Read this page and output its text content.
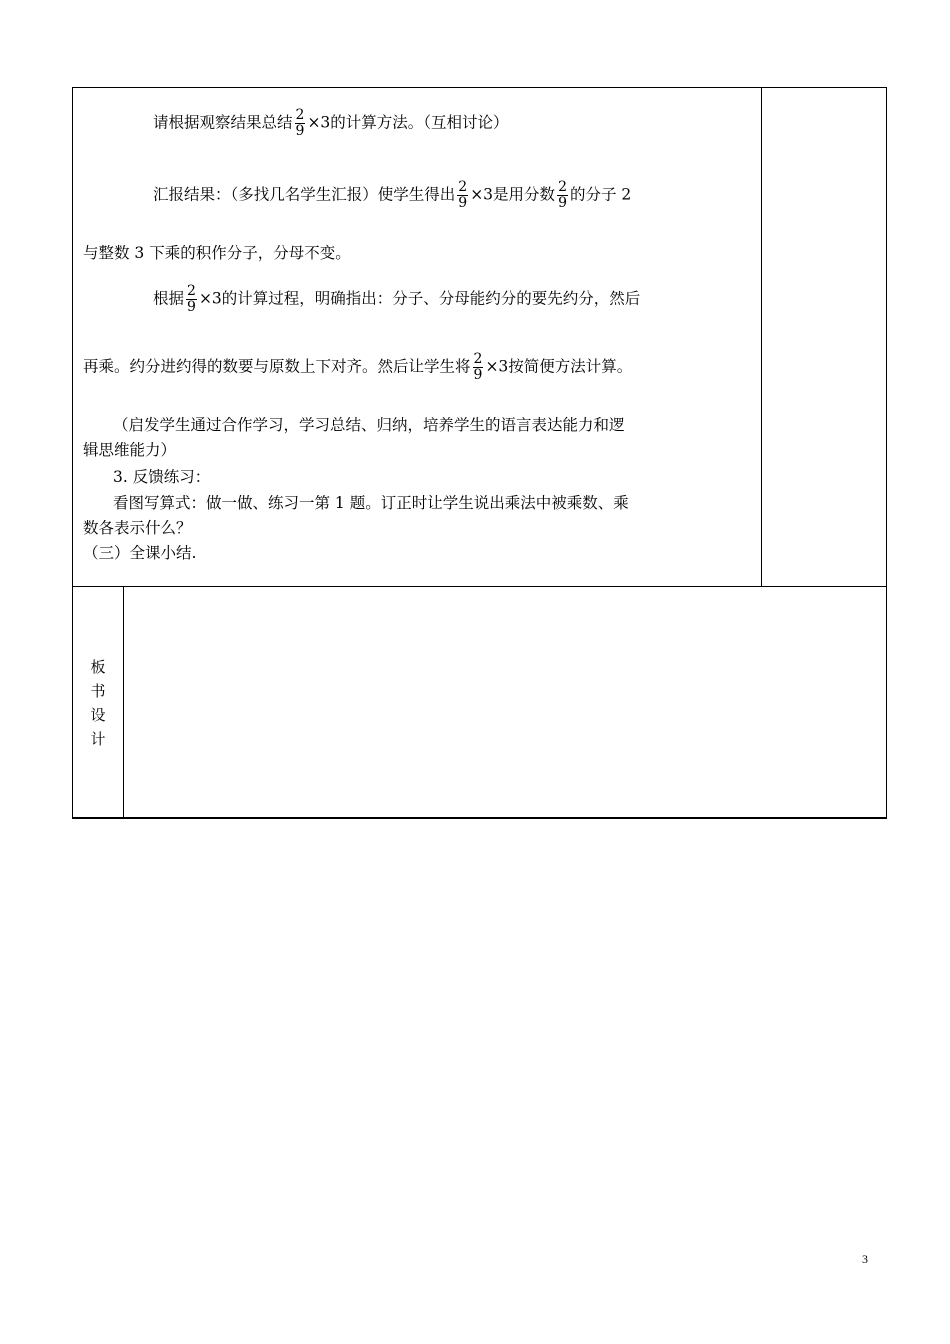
请根据观察结果总结 $\frac{2}{9} \times 3$的计算方法。（互相讨论）
汇报结果：（多找几名学生汇报）使学生得出 $\frac{2}{9} \times 3$是用分数 $\frac{2}{9}$ 的分子 2
与整数 3 下乘的积作分子，分母不变。
根据 $\frac{2}{9} \times 3$的计算过程，明确指出：分子、分母能约分的要先约分，然后
再乘。约分进约得的数要与原数上下对齐。然后让学生将 $\frac{2}{9} \times 3$按简便方法计算。
（启发学生通过合作学习，学习总结、归纳，培养学生的语言表达能力和逻
辑思维能力）
3. 反馈练习：
看图写算式：做一做、练习一第 1 题。订正时让学生说出乘法中被乘数、乘
数各表示什么？
（三）全课小结.
板
书
设
计
3
